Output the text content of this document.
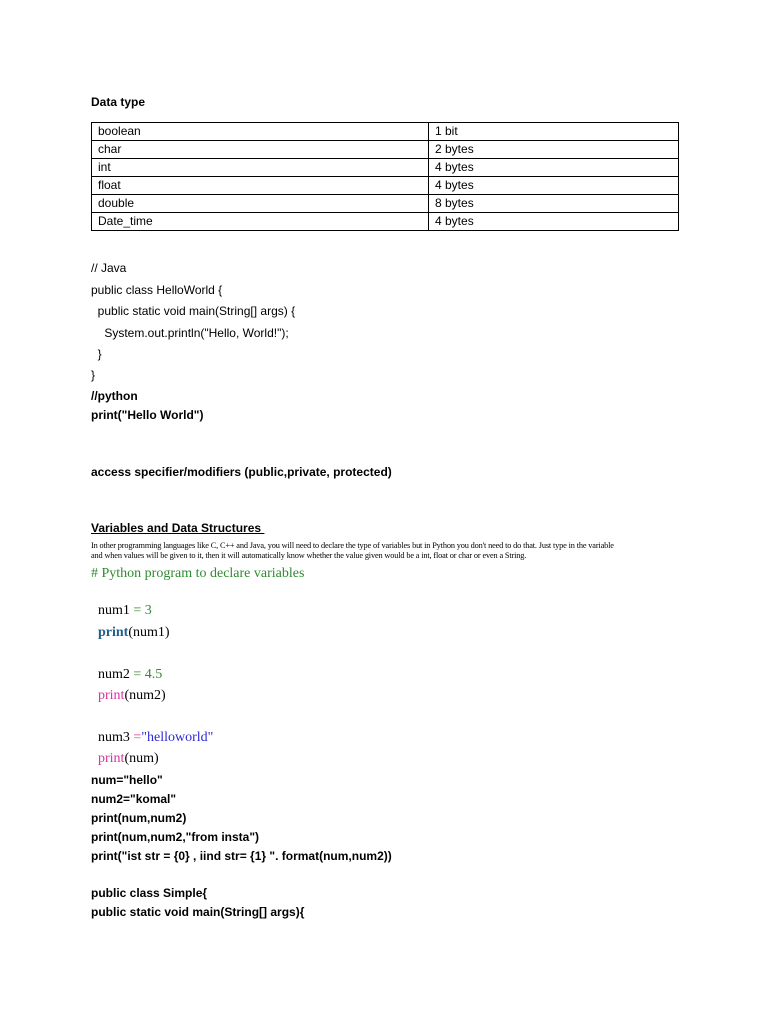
Data type
boolean	1 bit
char	2 bytes
int	4 bytes
float	4 bytes
double	8 bytes
Date_time	4 bytes
// Java
public class HelloWorld {
public static void main(String[] args) {
System.out.println("Hello, World!");
}
}
//python
print("Hello World")
access specifier/modifiers (public,private, protected)
Variables and Data Structures
In other programming languages like C, C++ and Java, you will need to declare the type of variables but in Python you don't need to do that. Just type in the variable
and when values will be given to it, then it will automatically know whether the value given would be a int, float or char or even a String.
# Python program to declare variables

num1 = 3

print(num1)

num2 = 4.5

print(num2)

num3 ="helloworld"

print(num)

num="hello"
num2="komal"
print(num,num2)
print(num,num2,"from insta")
print("ist str = {0} , iind str= {1} ". format(num,num2))
public class Simple{
public static void main(String[] args){
